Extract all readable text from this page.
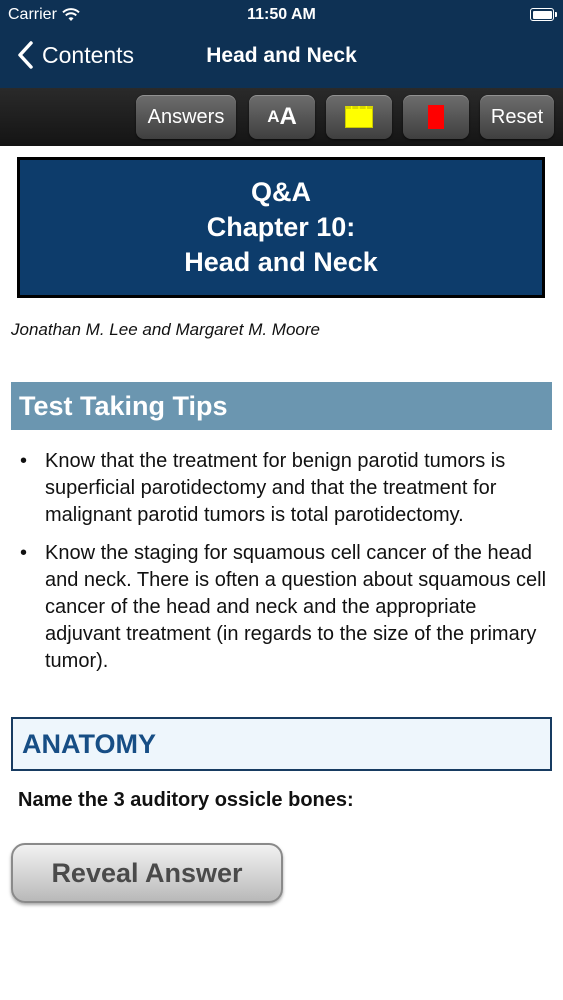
Carrier	11:50 AM
Contents	Head and Neck
Answers	A A	Reset
Q&A
Chapter 10:
Head and Neck
Jonathan M. Lee and Margaret M. Moore
Test Taking Tips
• Know that the treatment for benign parotid tumors is superficial parotidectomy and that the treatment for malignant parotid tumors is total parotidectomy.
• Know the staging for squamous cell cancer of the head and neck. There is often a question about squamous cell cancer of the head and neck and the appropriate adjuvant treatment (in regards to the size of the primary tumor).
ANATOMY
Name the 3 auditory ossicle bones:
Reveal Answer
